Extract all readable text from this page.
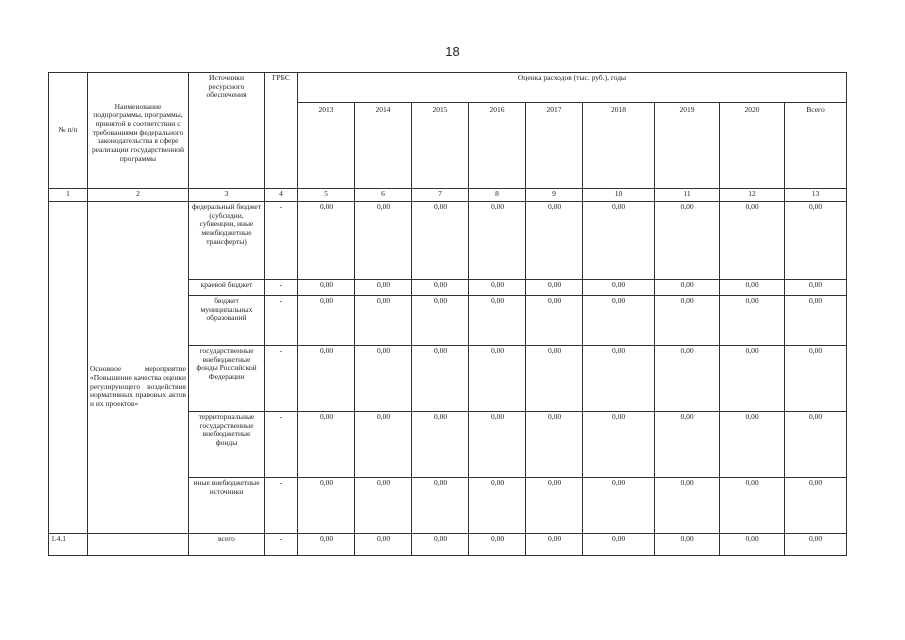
18
№ п/п	Наименование подпрограммы, программы, принятой в соответствии с требованиями федерального законодательства в сфере реализации государственной программы	Источники ресурсного обеспечения	ГРБС	Оценка расходов (тыс. руб.), годы								
				2013	2014	2015	2016	2017	2018	2019	2020	Всего
1	2	3	4	5	6	7	8	9	10	11	12	13
	Основное мероприятие «Повышение качества оценки регулирующего воздействия нормативных правовых актов и их проектов»	федеральный бюджет (субсидии, субвенции, иные межбюджетные трансферты)	-	0,00	0,00	0,00	0,00	0,00	0,00	0,00	0,00	0,00
		краевой бюджет	-	0,00	0,00	0,00	0,00	0,00	0,00	0,00	0,00	0,00
		бюджет муниципальных образований	-	0,00	0,00	0,00	0,00	0,00	0,00	0,00	0,00	0,00
		государственные внебюджетные фонды Российской Федерации	-	0,00	0,00	0,00	0,00	0,00	0,00	0,00	0,00	0,00
		территориальные государственные внебюджетные фонды	-	0,00	0,00	0,00	0,00	0,00	0,00	0,00	0,00	0,00
		иные внебюджетные источники	-	0,00	0,00	0,00	0,00	0,00	0,00	0,00	0,00	0,00
1.4.1		всего	-	0,00	0,00	0,00	0,00	0,00	0,00	0,00	0,00	0,00
